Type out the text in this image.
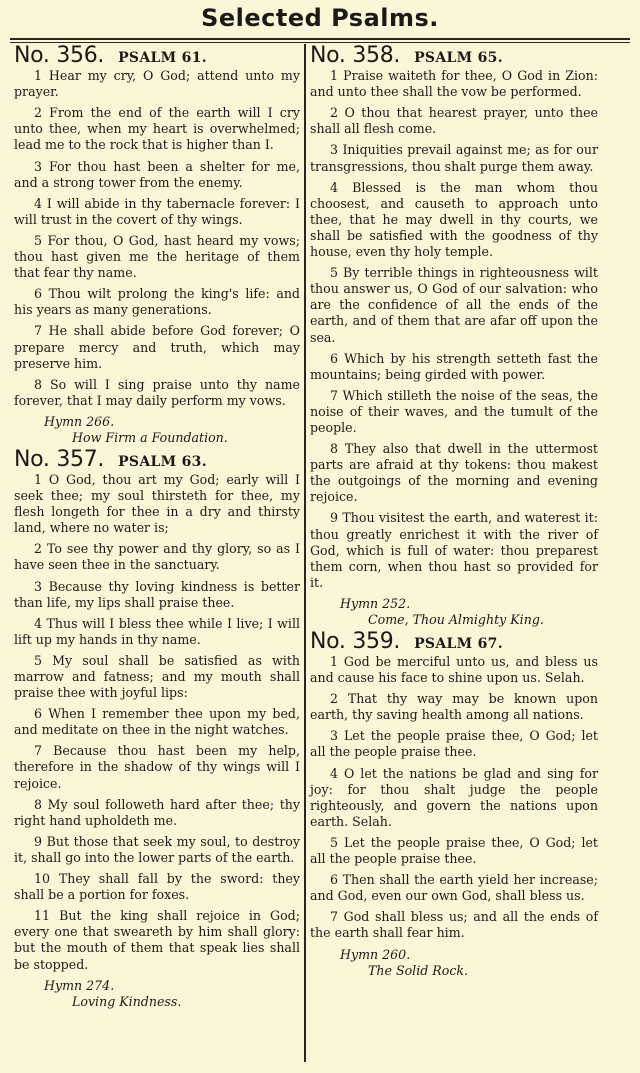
Selected Psalms.
No. 356. PSALM 61.

1 Hear my cry, O God; attend unto my prayer.

2 From the end of the earth will I cry unto thee, when my heart is overwhelmed; lead me to the rock that is higher than I.

3 For thou hast been a shelter for me, and a strong tower from the enemy.

4 I will abide in thy tabernacle forever: I will trust in the covert of thy wings.

5 For thou, O God, hast heard my vows; thou hast given me the heritage of them that fear thy name.

6 Thou wilt prolong the king's life: and his years as many generations.

7 He shall abide before God forever; O prepare mercy and truth, which may preserve him.

8 So will I sing praise unto thy name forever, that I may daily perform my vows.

Hymn 266.
How Firm a Foundation.
No. 357. PSALM 63.

1 O God, thou art my God; early will I seek thee; my soul thirsteth for thee, my flesh longeth for thee in a dry and thirsty land, where no water is;

2 To see thy power and thy glory, so as I have seen thee in the sanctuary.

3 Because thy loving kindness is better than life, my lips shall praise thee.

4 Thus will I bless thee while I live; I will lift up my hands in thy name.

5 My soul shall be satisfied as with marrow and fatness; and my mouth shall praise thee with joyful lips:

6 When I remember thee upon my bed, and meditate on thee in the night watches.

7 Because thou hast been my help, therefore in the shadow of thy wings will I rejoice.

8 My soul followeth hard after thee; thy right hand upholdeth me.

9 But those that seek my soul, to destroy it, shall go into the lower parts of the earth.

10 They shall fall by the sword: they shall be a portion for foxes.

11 But the king shall rejoice in God; every one that sweareth by him shall glory: but the mouth of them that speak lies shall be stopped.

Hymn 274.
Loving Kindness.
No. 358. PSALM 65.

1 Praise waiteth for thee, O God in Zion: and unto thee shall the vow be performed.

2 O thou that hearest prayer, unto thee shall all flesh come.

3 Iniquities prevail against me; as for our transgressions, thou shalt purge them away.

4 Blessed is the man whom thou choosest, and causeth to approach unto thee, that he may dwell in thy courts, we shall be satisfied with the goodness of thy house, even thy holy temple.

5 By terrible things in righteousness wilt thou answer us, O God of our salvation: who are the confidence of all the ends of the earth, and of them that are afar off upon the sea.

6 Which by his strength setteth fast the mountains; being girded with power.

7 Which stilleth the noise of the seas, the noise of their waves, and the tumult of the people.

8 They also that dwell in the uttermost parts are afraid at thy tokens: thou makest the outgoings of the morning and evening rejoice.

9 Thou visitest the earth, and waterest it: thou greatly enrichest it with the river of God, which is full of water: thou preparest them corn, when thou hast so provided for it.

Hymn 252.
Come, Thou Almighty King.
No. 359. PSALM 67.

1 God be merciful unto us, and bless us and cause his face to shine upon us. Selah.

2 That thy way may be known upon earth, thy saving health among all nations.

3 Let the people praise thee, O God; let all the people praise thee.

4 O let the nations be glad and sing for joy: for thou shalt judge the people righteously, and govern the nations upon earth. Selah.

5 Let the people praise thee, O God; let all the people praise thee.

6 Then shall the earth yield her increase; and God, even our own God, shall bless us.

7 God shall bless us; and all the ends of the earth shall fear him.

Hymn 260.
The Solid Rock.
